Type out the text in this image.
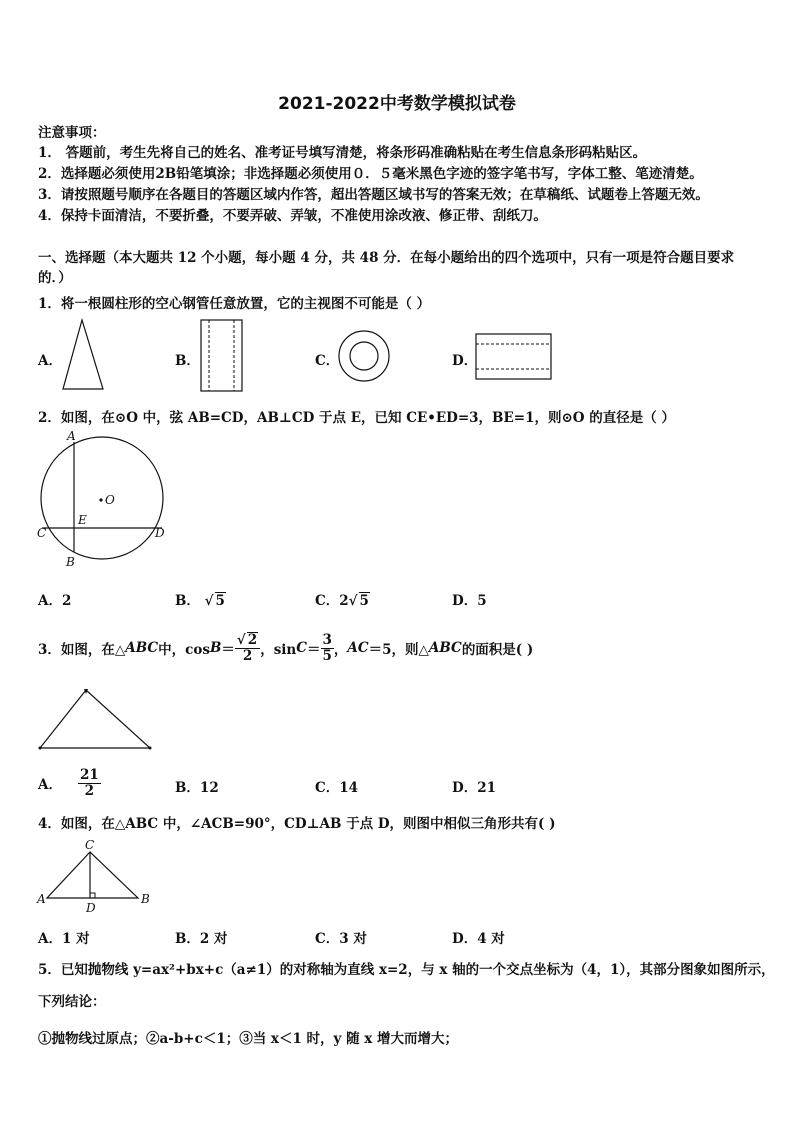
2021-2022中考数学模拟试卷
注意事项：
1． 答题前，考生先将自己的姓名、准考证号填写清楚，将条形码准确粘贴在考生信息条形码粘贴区。
2．选择题必须使用2B铅笔填涂；非选择题必须使用０．５毫米黑色字迹的签字笔书写，字体工整、笔迹清楚。
3．请按照题号顺序在各题目的答题区域内作答，超出答题区域书写的答案无效；在草稿纸、试题卷上答题无效。
4．保持卡面清洁，不要折叠，不要弄破、弄皱，不准使用涂改液、修正带、刮纸刀。
一、选择题（本大题共 12 个小题，每小题 4 分，共 48 分．在每小题给出的四个选项中，只有一项是符合题目要求
的．）
1．将一根圆柱形的空心钢管任意放置，它的主视图不可能是（ ）
A．	B．	C．	D．
2．如图，在⊙O 中，弦 AB=CD，AB⊥CD 于点 E，已知 CE•ED=3，BE=1，则⊙O 的直径是（ ）
A
O
E
C	D
B
A．2	B． √ 5	C．2√ 5	D．5
3．如图，在△ ABC 中，$\cos B = \frac{√ 2}{2}$ ，$\sin C = \frac{3}{5}$ ， AC ＝5，则△ ABC 的面积是( )
A． $\frac{21}{2}$	B．12	C．14	D．21
4．如图，在△ABC 中，∠ACB=90°，CD⊥AB 于点 D，则图中相似三角形共有( )
C
A	B
D
A．1 对	B．2 对	C．3 对	D．4 对
5．已知抛物线 y=ax²+bx+c（a≠1）的对称轴为直线 x=2，与 x 轴的一个交点坐标为（4，1），其部分图象如图所示，
下列结论：
①抛物线过原点；②a-b+c＜1；③当 x＜1 时，y 随 x 增大而增大；
